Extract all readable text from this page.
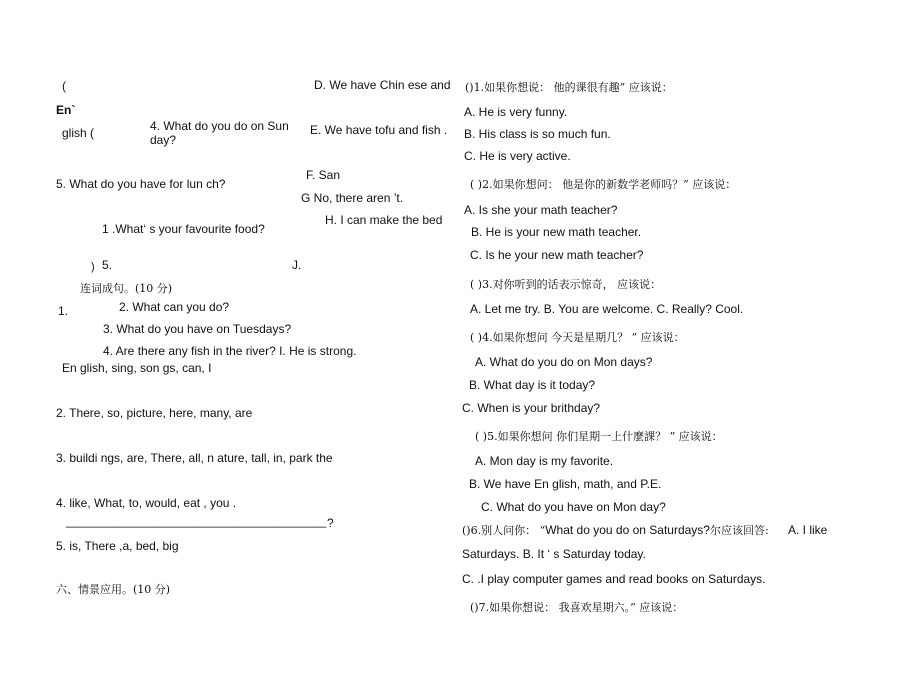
(
En`
glish (	4. What do you do on Sun
day?
D. We have Chin ese and
E. We have tofu and fish .
F. San
G No, there aren ’t.
H. I can make the bed
5. What do you have for lun ch?
1 .What‘ s your favourite food?
) 5.	J.
连词成句。(10 分)
1.	2. What can you do?
3. What do you have on Tuesdays?
4. Are there any fish in the river? I. He is strong.
En glish, sing, son gs, can, I
2. There, so, picture, here, many, are
3. buildi ngs, are, There, all, n ature, tall, in, park the
4. like, What, to, would, eat , you .
_______________________________________ ?
5. is, There ,a, bed, big
六、情景应用。(10 分)
()1.如果你想说： 他的课很有趣” 应该说：
A. He is very funny.
B. His class is so much fun.
C. He is very active.
( )2.如果你想问： 他是你的新数学老师吗？” 应该说：
A. Is she your math teacher?
B. He is your new math teacher.
C. Is he your new math teacher?
( )3.对你听到的话表示惊奇， 应该说：
A. Let me try. B. You are welcome. C. Really? Cool.
( )4.如果你想问 今天是星期几？ ” 应该说：
A. What do you do on Mon days?
B. What day is it today?
C. When is your brithday?
( )5.如果你想问 你们星期一上什麼課？ ” 应该说：
A. Mon day is my favorite.
B. We have En glish, math, and P.E.
C. What do you have on Mon day?
()6.别人问你： “What do you do on Saturdays?尔应该回答: A. I like
Saturdays. B. It ‘ s Saturday today.
C. .I play computer games and read books on Saturdays.
()7.如果你想说： 我喜欢星期六。” 应该说：
